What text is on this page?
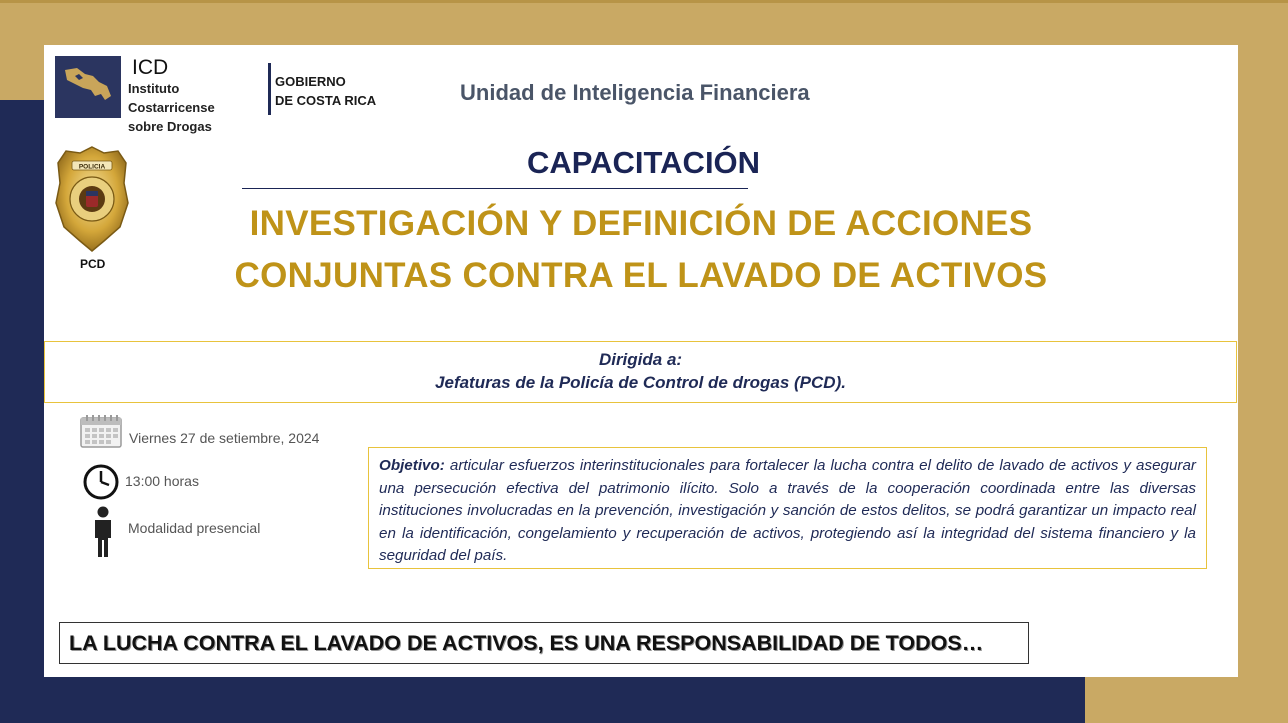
ICD
Instituto
Costarricense
sobre Drogas
GOBIERNO
DE COSTA RICA	Unidad de Inteligencia Financiera
POLICIA
PCD
CAPACITACIÓN
INVESTIGACIÓN Y DEFINICIÓN DE ACCIONES
CONJUNTAS CONTRA EL LAVADO DE ACTIVOS
Dirigida a:
Jefaturas de la Policía de Control de drogas (PCD).
Viernes 27 de setiembre, 2024
13:00 horas
Modalidad presencial
Objetivo: articular esfuerzos interinstitucionales para fortalecer la lucha contra el delito de lavado de activos y asegurar una persecución efectiva del patrimonio ilícito. Solo a través de la cooperación coordinada entre las diversas instituciones involucradas en la prevención, investigación y sanción de estos delitos, se podrá garantizar un impacto real en la identificación, congelamiento y recuperación de activos, protegiendo así la integridad del sistema financiero y la seguridad del país.
LA LUCHA CONTRA EL LAVADO DE ACTIVOS, ES UNA RESPONSABILIDAD DE TODOS…
